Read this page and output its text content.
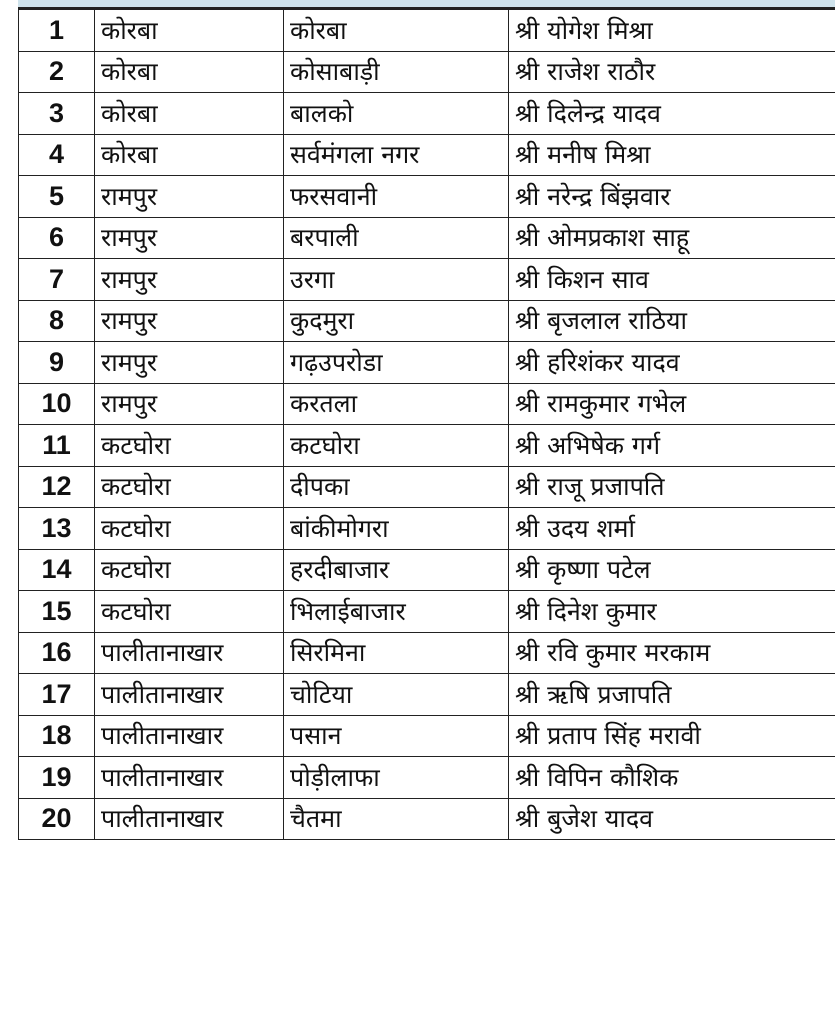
1	कोरबा	कोरबा	श्री योगेश मिश्रा
2	कोरबा	कोसाबाड़ी	श्री राजेश राठौर
3	कोरबा	बालको	श्री दिलेन्द्र यादव
4	कोरबा	सर्वमंगला नगर	श्री मनीष मिश्रा
5	रामपुर	फरसवानी	श्री नरेन्द्र बिंझवार
6	रामपुर	बरपाली	श्री ओमप्रकाश साहू
7	रामपुर	उरगा	श्री किशन साव
8	रामपुर	कुदमुरा	श्री बृजलाल राठिया
9	रामपुर	गढ़उपरोडा	श्री हरिशंकर यादव
10	रामपुर	करतला	श्री रामकुमार गभेल
11	कटघोरा	कटघोरा	श्री अभिषेक गर्ग
12	कटघोरा	दीपका	श्री राजू प्रजापति
13	कटघोरा	बांकीमोगरा	श्री उदय शर्मा
14	कटघोरा	हरदीबाजार	श्री कृष्णा पटेल
15	कटघोरा	भिलाईबाजार	श्री दिनेश कुमार
16	पालीतानाखार	सिरमिना	श्री रवि कुमार मरकाम
17	पालीतानाखार	चोटिया	श्री ऋषि प्रजापति
18	पालीतानाखार	पसान	श्री प्रताप सिंह मरावी
19	पालीतानाखार	पोड़ीलाफा	श्री विपिन कौशिक
20	पालीतानाखार	चैतमा	श्री बुजेश यादव
